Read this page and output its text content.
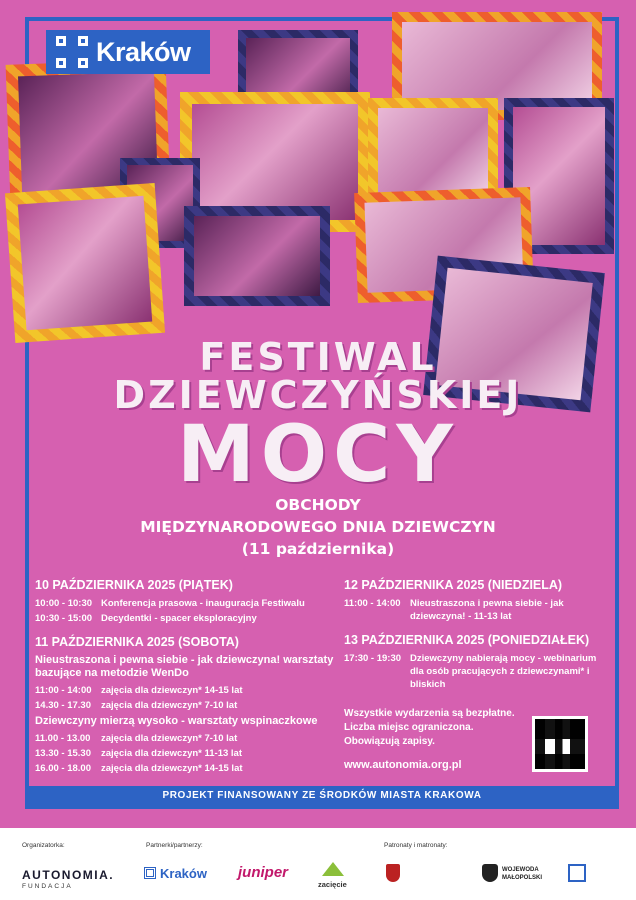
Kraków
FESTIWAL
DZIEWCZYŃSKIEJ
MOCY
OBCHODY
MIĘDZYNARODOWEGO DNIA DZIEWCZYN
(11 października)
10 PAŹDZIERNIKA 2025 (PIĄTEK)
10:00 - 10:30 Konferencja prasowa - inauguracja Festiwalu
10:30 - 15:00 Decydentki - spacer eksploracyjny
11 PAŹDZIERNIKA 2025 (SOBOTA)
Nieustraszona i pewna siebie - jak dziewczyna! warsztaty bazujące na metodzie WenDo
11:00 - 14:00 zajęcia dla dziewczyn* 14-15 lat
14.30 - 17.30	zajęcia dla dziewczyn* 7-10 lat
Dziewczyny mierzą wysoko - warsztaty wspinaczkowe
11.00 - 13.00	zajęcia dla dziewczyn* 7-10 lat
13.30 - 15.30	zajęcia dla dziewczyn* 11-13 lat
16.00 - 18.00	zajęcia dla dziewczyn* 14-15 lat
12 PAŹDZIERNIKA 2025 (NIEDZIELA)
11:00 - 14:00 Nieustraszona i pewna siebie - jak dziewczyna! - 11-13 lat
13 PAŹDZIERNIKA 2025 (PONIEDZIAŁEK)
17:30 - 19:30 Dziewczyny nabierają mocy - webinarium dla osób pracujących z dziewczynami* i bliskich
Wszystkie wydarzenia są bezpłatne.
Liczba miejsc ograniczona.
Obowiązują zapisy.
www.autonomia.org.pl
PROJEKT FINANSOWANY ZE ŚRODKÓW MIASTA KRAKOWA
Organizatorka:
AUTONOMIA.
FUNDACJA
Partnerki/partnerzy:
Kraków juniper
zacięcie
Patronaty i matronaty:
WOJEWODA MAŁOPOLSKI
